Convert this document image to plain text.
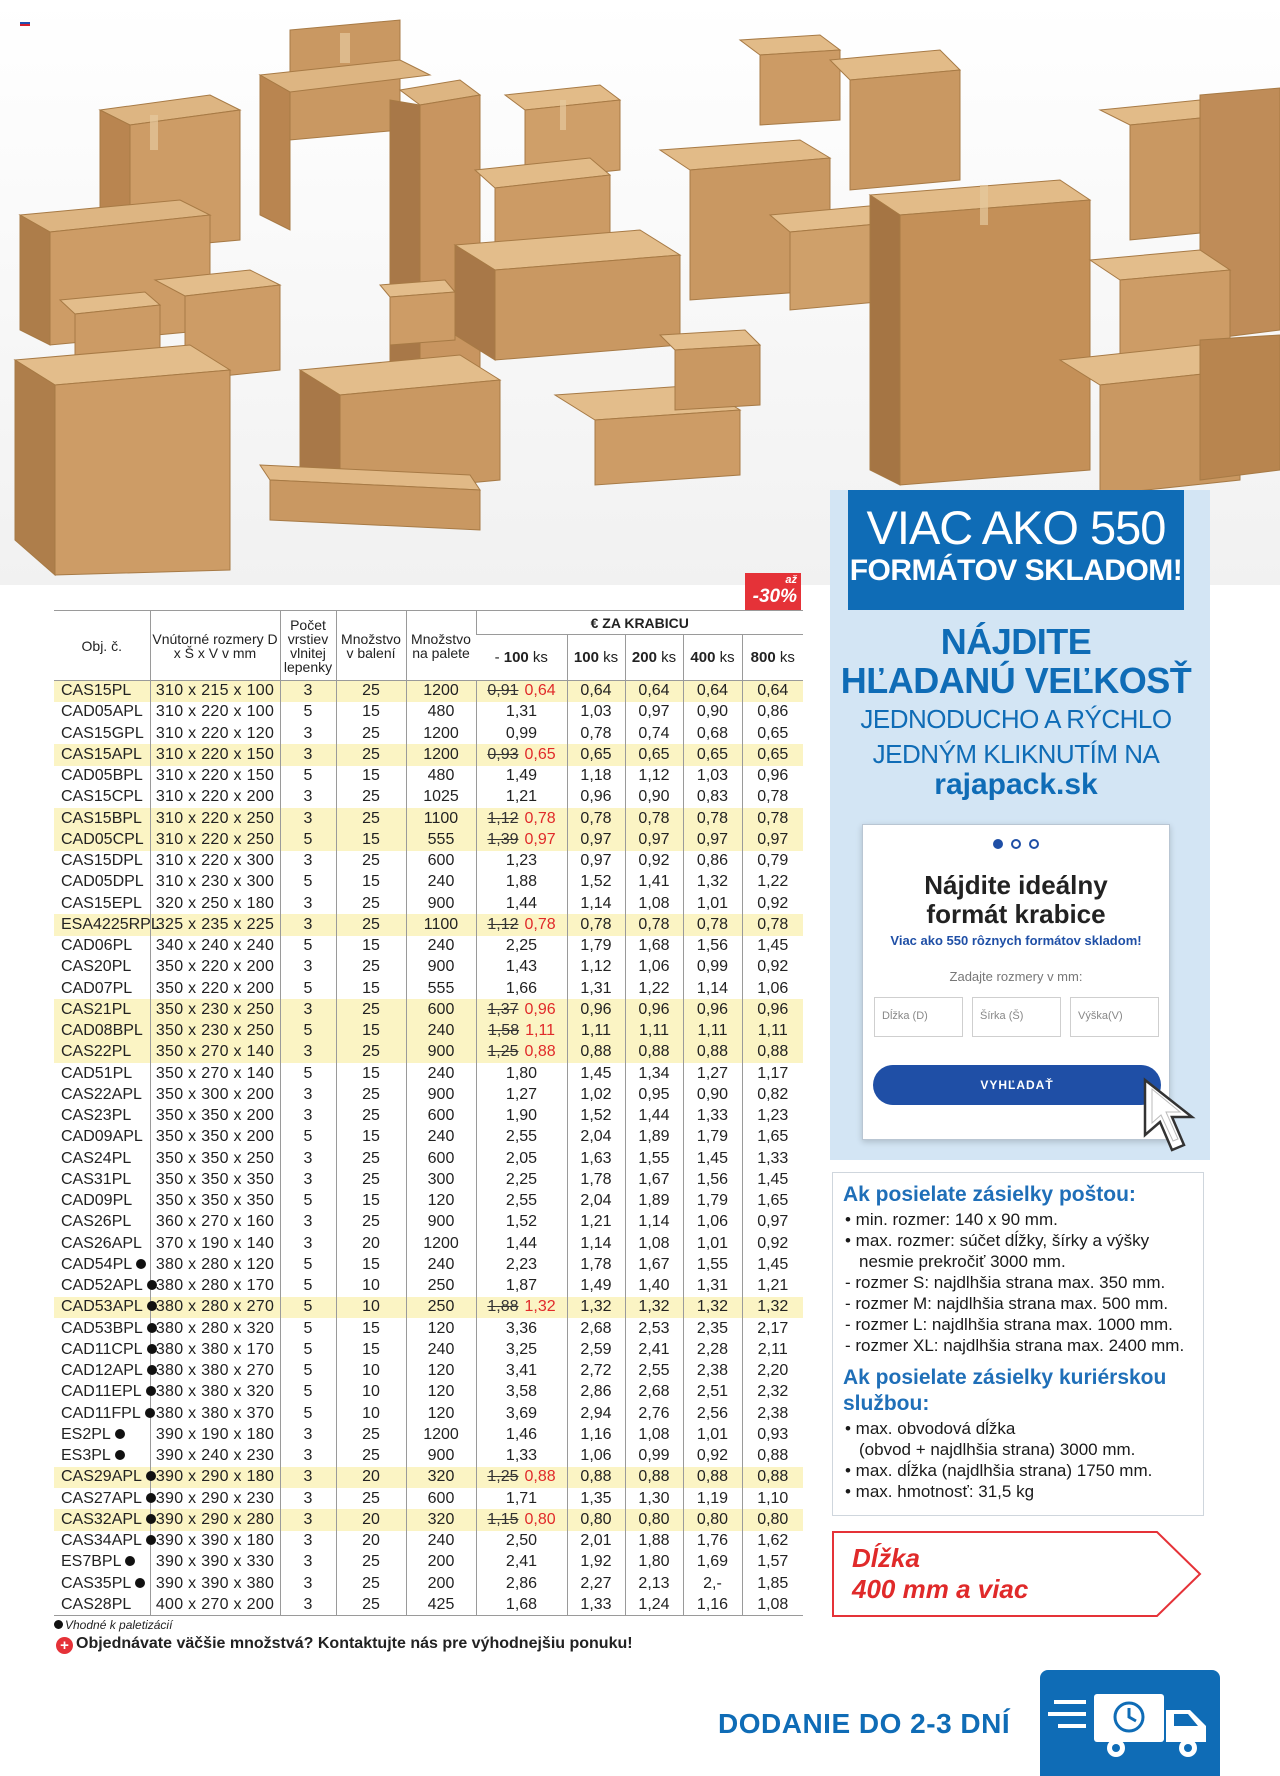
VIAC AKO 550
FORMÁTOV SKLADOM!
NÁJDITE
HĽADANÚ VEĽKOSŤ
JEDNODUCHO A RÝCHLO
JEDNÝM KLIKNUTÍM NA
rajapack.sk

Nájdite ideálny
formát krabice
Viac ako 550 rôznych formátov skladom!
Zadajte rozmery v mm:
Dĺžka (D)	Šírka (Š)	Výška(V)
VYHĽADAŤ
Ak posielate zásielky poštou:
• min. rozmer: 140 x 90 mm.
• max. rozmer: súčet dĺžky, šírky a výšky
nesmie prekročiť 3000 mm.
- rozmer S: najdlhšia strana max. 350 mm.
- rozmer M: najdlhšia strana max. 500 mm.
- rozmer L: najdlhšia strana max. 1000 mm.
- rozmer XL: najdlhšia strana max. 2400 mm.
Ak posielate zásielky kuriérskou
službou:
• max. obvodová dĺžka
(obvod + najdlhšia strana) 3000 mm.
• max. dĺžka (najdlhšia strana) 1750 mm.
• max. hmotnosť: 31,5 kg
Dĺžka
400 mm a viac
DODANIE DO 2-3 DNÍ
až
-30%
Obj. č.	Vnútorné rozmery D x Š x V v mm	Počet vrstiev vlnitej lepenky	Množstvo v balení	Množstvo na palete	€ ZA KRABICU				
					- 100 ks	100 ks	200 ks	400 ks	800 ks
CAS15PL	310 x 215 x 100	3	25	1200	0,91 0,64	0,64	0,64	0,64	0,64
CAD05APL	310 x 220 x 100	5	15	480	1,31	1,03	0,97	0,90	0,86
CAS15GPL	310 x 220 x 120	3	25	1200	0,99	0,78	0,74	0,68	0,65
CAS15APL	310 x 220 x 150	3	25	1200	0,93 0,65	0,65	0,65	0,65	0,65
CAD05BPL	310 x 220 x 150	5	15	480	1,49	1,18	1,12	1,03	0,96
CAS15CPL	310 x 220 x 200	3	25	1025	1,21	0,96	0,90	0,83	0,78
CAS15BPL	310 x 220 x 250	3	25	1100	1,12 0,78	0,78	0,78	0,78	0,78
CAD05CPL	310 x 220 x 250	5	15	555	1,39 0,97	0,97	0,97	0,97	0,97
CAS15DPL	310 x 220 x 300	3	25	600	1,23	0,97	0,92	0,86	0,79
CAD05DPL	310 x 230 x 300	5	15	240	1,88	1,52	1,41	1,32	1,22
CAS15EPL	320 x 250 x 180	3	25	900	1,44	1,14	1,08	1,01	0,92
ESA4225RPL	325 x 235 x 225	3	25	1100	1,12 0,78	0,78	0,78	0,78	0,78
CAD06PL	340 x 240 x 240	5	15	240	2,25	1,79	1,68	1,56	1,45
CAS20PL	350 x 220 x 200	3	25	900	1,43	1,12	1,06	0,99	0,92
CAD07PL	350 x 220 x 200	5	15	555	1,66	1,31	1,22	1,14	1,06
CAS21PL	350 x 230 x 250	3	25	600	1,37 0,96	0,96	0,96	0,96	0,96
CAD08BPL	350 x 230 x 250	5	15	240	1,58 1,11	1,11	1,11	1,11	1,11
CAS22PL	350 x 270 x 140	3	25	900	1,25 0,88	0,88	0,88	0,88	0,88
CAD51PL	350 x 270 x 140	5	15	240	1,80	1,45	1,34	1,27	1,17
CAS22APL	350 x 300 x 200	3	25	900	1,27	1,02	0,95	0,90	0,82
CAS23PL	350 x 350 x 200	3	25	600	1,90	1,52	1,44	1,33	1,23
CAD09APL	350 x 350 x 200	5	15	240	2,55	2,04	1,89	1,79	1,65
CAS24PL	350 x 350 x 250	3	25	600	2,05	1,63	1,55	1,45	1,33
CAS31PL	350 x 350 x 350	3	25	300	2,25	1,78	1,67	1,56	1,45
CAD09PL	350 x 350 x 350	5	15	120	2,55	2,04	1,89	1,79	1,65
CAS26PL	360 x 270 x 160	3	25	900	1,52	1,21	1,14	1,06	0,97
CAS26APL	370 x 190 x 140	3	20	1200	1,44	1,14	1,08	1,01	0,92
CAD54PL	380 x 280 x 120	5	15	240	2,23	1,78	1,67	1,55	1,45
CAD52APL	380 x 280 x 170	5	10	250	1,87	1,49	1,40	1,31	1,21
CAD53APL	380 x 280 x 270	5	10	250	1,88 1,32	1,32	1,32	1,32	1,32
CAD53BPL	380 x 280 x 320	5	15	120	3,36	2,68	2,53	2,35	2,17
CAD11CPL	380 x 380 x 170	5	15	240	3,25	2,59	2,41	2,28	2,11
CAD12APL	380 x 380 x 270	5	10	120	3,41	2,72	2,55	2,38	2,20
CAD11EPL	380 x 380 x 320	5	10	120	3,58	2,86	2,68	2,51	2,32
CAD11FPL	380 x 380 x 370	5	10	120	3,69	2,94	2,76	2,56	2,38
ES2PL	390 x 190 x 180	3	25	1200	1,46	1,16	1,08	1,01	0,93
ES3PL	390 x 240 x 230	3	25	900	1,33	1,06	0,99	0,92	0,88
CAS29APL	390 x 290 x 180	3	20	320	1,25 0,88	0,88	0,88	0,88	0,88
CAS27APL	390 x 290 x 230	3	25	600	1,71	1,35	1,30	1,19	1,10
CAS32APL	390 x 290 x 280	3	20	320	1,15 0,80	0,80	0,80	0,80	0,80
CAS34APL	390 x 390 x 180	3	20	240	2,50	2,01	1,88	1,76	1,62
ES7BPL	390 x 390 x 330	3	25	200	2,41	1,92	1,80	1,69	1,57
CAS35PL	390 x 390 x 380	3	25	200	2,86	2,27	2,13	2,-	1,85
CAS28PL	400 x 270 x 200	3	25	425	1,68	1,33	1,24	1,16	1,08
Vhodné k paletizácií
+ Objednávate väčšie množstvá? Kontaktujte nás pre výhodnejšiu ponuku!
